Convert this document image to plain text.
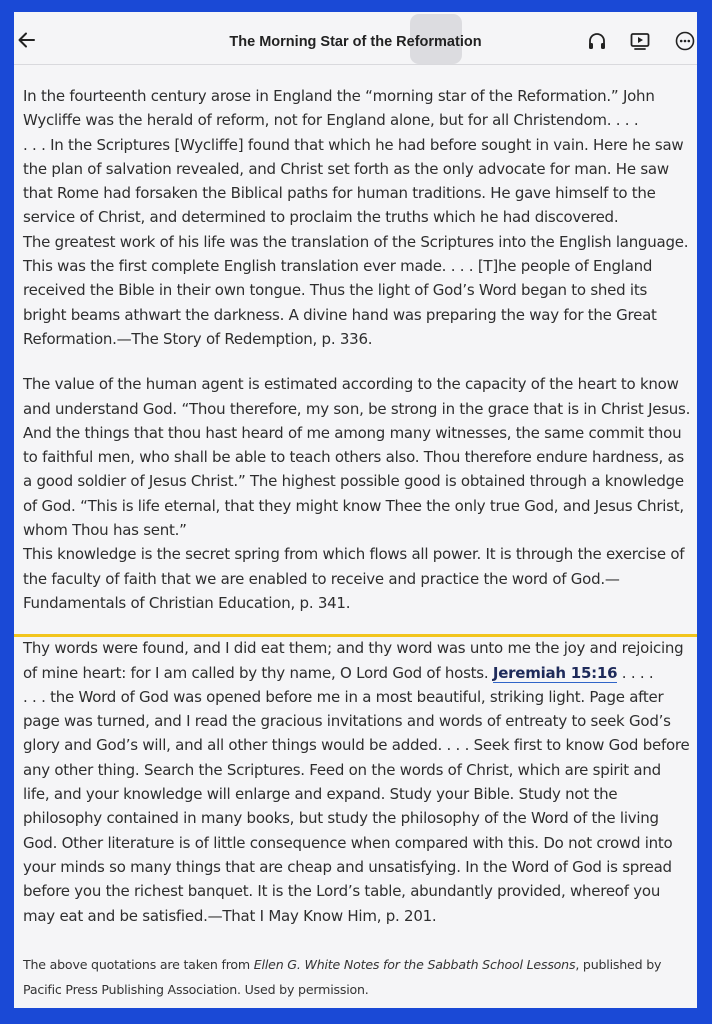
The Morning Star of the Reformation

In the fourteenth century arose in England the “morning star of the Reformation.” John Wycliffe was the herald of reform, not for England alone, but for all Christendom. . . .

. . . In the Scriptures [Wycliffe] found that which he had before sought in vain. Here he saw the plan of salvation revealed, and Christ set forth as the only advocate for man. He saw that Rome had forsaken the Biblical paths for human traditions. He gave himself to the service of Christ, and determined to proclaim the truths which he had discovered.

The greatest work of his life was the translation of the Scriptures into the English language. This was the first complete English translation ever made. . . . [T]he people of England received the Bible in their own tongue. Thus the light of God’s Word began to shed its bright beams athwart the darkness. A divine hand was preparing the way for the Great Reformation.—The Story of Redemption, p. 336.

The value of the human agent is estimated according to the capacity of the heart to know and understand God. “Thou therefore, my son, be strong in the grace that is in Christ Jesus. And the things that thou hast heard of me among many witnesses, the same commit thou to faithful men, who shall be able to teach others also. Thou therefore endure hardness, as a good soldier of Jesus Christ.” The highest possible good is obtained through a knowledge of God. “This is life eternal, that they might know Thee the only true God, and Jesus Christ, whom Thou has sent.”

This knowledge is the secret spring from which flows all power. It is through the exercise of the faculty of faith that we are enabled to receive and practice the word of God.—Fundamentals of Christian Education, p. 341.

Thy words were found, and I did eat them; and thy word was unto me the joy and rejoicing of mine heart: for I am called by thy name, O Lord God of hosts. Jeremiah 15:16 . . . .

. . . the Word of God was opened before me in a most beautiful, striking light. Page after page was turned, and I read the gracious invitations and words of entreaty to seek God’s glory and God’s will, and all other things would be added. . . . Seek first to know God before any other thing. Search the Scriptures. Feed on the words of Christ, which are spirit and life, and your knowledge will enlarge and expand. Study your Bible. Study not the philosophy contained in many books, but study the philosophy of the Word of the living God. Other literature is of little consequence when compared with this. Do not crowd into your minds so many things that are cheap and unsatisfying. In the Word of God is spread before you the richest banquet. It is the Lord’s table, abundantly provided, whereof you may eat and be satisfied.—That I May Know Him, p. 201.

The above quotations are taken from Ellen G. White Notes for the Sabbath School Lessons, published by Pacific Press Publishing Association. Used by permission.
